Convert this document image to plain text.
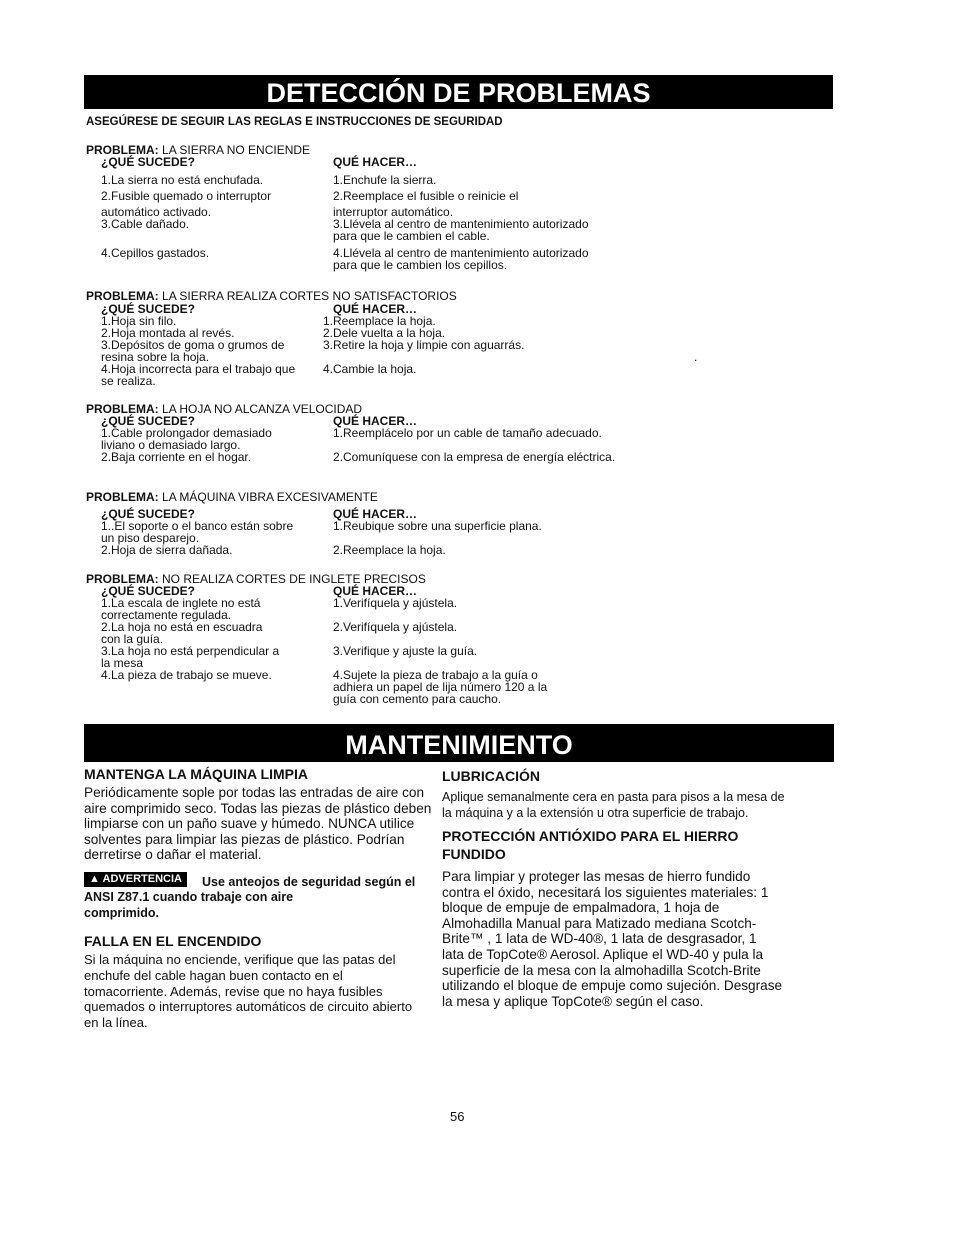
DETECCIÓN DE PROBLEMAS
ASEGÚRESE DE SEGUIR LAS REGLAS E INSTRUCCIONES DE SEGURIDAD
PROBLEMA: LA SIERRA NO ENCIENDE
¿QUÉ SUCEDE?	QUÉ HACER…
1.La sierra no está enchufada.	1.Enchufe la sierra.
2.Fusible quemado o interruptor	2.Reemplace el fusible o reinicie el
automático activado.	interruptor automático.
3.Cable dañado.	3.Llévela al centro de mantenimiento autorizado
para que le cambien el cable.
4.Cepillos gastados.	4.Llévela al centro de mantenimiento autorizado
para que le cambien los cepillos.
PROBLEMA: LA SIERRA REALIZA CORTES NO SATISFACTORIOS
¿QUÉ SUCEDE?	QUÉ HACER…
1.Hoja sin filo.	1.Reemplace la hoja.
2.Hoja montada al revés.	2.Dele vuelta a la hoja.
3.Depósitos de goma o grumos de	3.Retire la hoja y limpie con aguarrás.
resina sobre la hoja.	.
4.Hoja incorrecta para el trabajo que 4.Cambie la hoja.
se realiza.
PROBLEMA: LA HOJA NO ALCANZA VELOCIDAD
¿QUÉ SUCEDE?	QUÉ HACER…
1.Cable prolongador demasiado	1.Reemplácelo por un cable de tamaño adecuado.
liviano o demasiado largo.
2.Baja corriente en el hogar.	2.Comuníquese con la empresa de energía eléctrica.
PROBLEMA: LA MÁQUINA VIBRA EXCESIVAMENTE
¿QUÉ SUCEDE?	QUÉ HACER…
1..El soporte o el banco están sobre	1.Reubique sobre una superficie plana.
un piso desparejo.
2.Hoja de sierra dañada.	2.Reemplace la hoja.
PROBLEMA: NO REALIZA CORTES DE INGLETE PRECISOS
¿QUÉ SUCEDE?	QUÉ HACER…
1.La escala de inglete no está	1.Verifíquela y ajústela.
correctamente regulada.
2.La hoja no está en escuadra	2.Verifíquela y ajústela.
con la guía.
3.La hoja no está perpendicular a	3.Verifique y ajuste la guía.
la mesa
4.La pieza de trabajo se mueve.	4.Sujete la pieza de trabajo a la guía o
adhiera un papel de lija número 120 a la
guía con cemento para caucho.
MANTENIMIENTO
MANTENGA LA MÁQUINA LIMPIA
Periódicamente sople por todas las entradas de aire con
aire comprimido seco. Todas las piezas de plástico deben
limpiarse con un paño suave y húmedo. NUNCA utilice
solventes para limpiar las piezas de plástico. Podrían
derretirse o dañar el material.
▲ ADVERTENCIA	Use anteojos de seguridad según el
ANSI Z87.1 cuando trabaje con aire
comprimido.
FALLA EN EL ENCENDIDO
Si la máquina no enciende, verifique que las patas del
enchufe del cable hagan buen contacto en el
tomacorriente. Además, revise que no haya fusibles
quemados o interruptores automáticos de circuito abierto
en la línea.
LUBRICACIÓN
Aplique semanalmente cera en pasta para pisos a la mesa de
la máquina y a la extensión u otra superficie de trabajo.
PROTECCIÓN ANTIÓXIDO PARA EL HIERRO
FUNDIDO
Para limpiar y proteger las mesas de hierro fundido
contra el óxido, necesitará los siguientes materiales: 1
bloque de empuje de empalmadora, 1 hoja de
Almohadilla Manual para Matizado mediana Scotch-
Brite™ , 1 lata de WD-40®, 1 lata de desgrasador, 1
lata de TopCote® Aerosol. Aplique el WD-40 y pula la
superficie de la mesa con la almohadilla Scotch-Brite
utilizando el bloque de empuje como sujeción. Desgrase
la mesa y aplique TopCote® según el caso.
56
